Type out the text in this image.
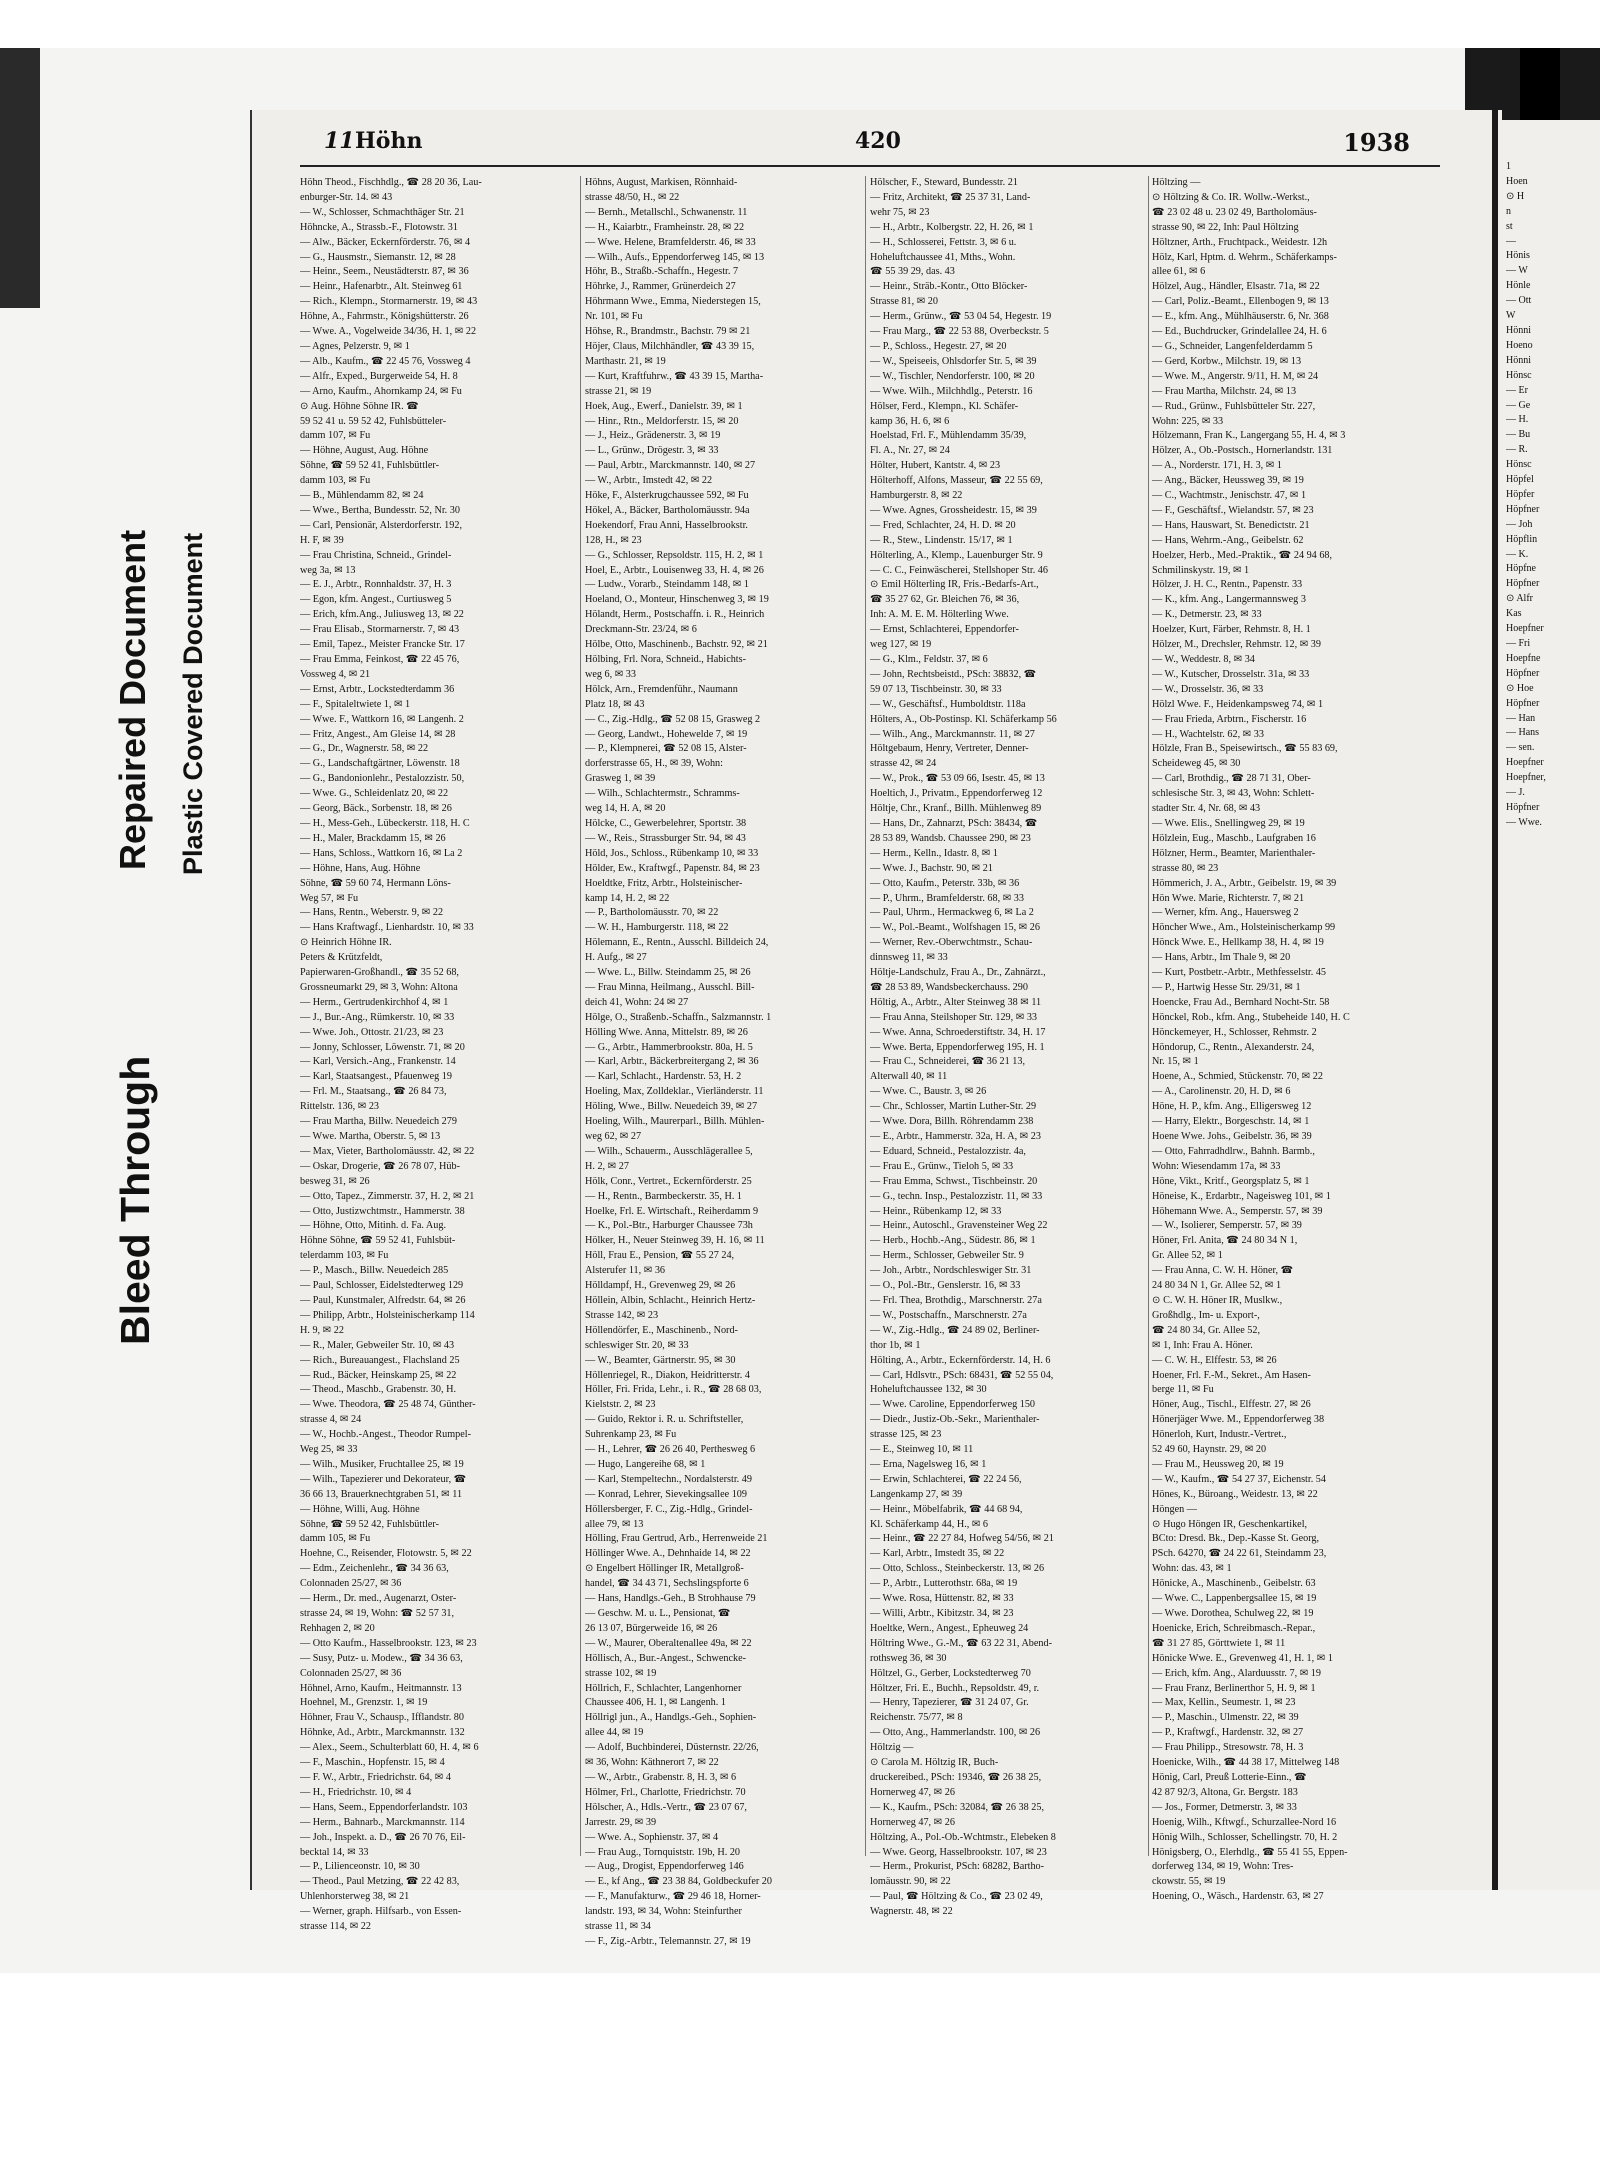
Bleed Through
Repaired Document Plastic Covered Document
1
Hoen
⊙ H
n
st
—
Hönis
— W
Hönle
— Ott
W
Hönni
Hoeno
Hönni
Hönsc
— Er
— Ge
— H.
— Bu
— R.
Hönsc
Höpfel
Höpfer
Höpfner
— Joh
Höpflin
— K.
Höpfne
Höpfner
⊙ Alfr
Kas
Hoepfner
— Fri
Hoepfne
Höpfner
⊙ Hoe
Höpfner
— Han
— Hans
— sen.
Hoepfner
Hoepfner,
— J.
Höpfner
— Wwe.
11 Höhn	420	1938
Höhn Theod., Fischhdlg., ☎ 28 20 36, Lau-
enburger-Str. 14. ✉ 43
— W., Schlosser, Schmachthäger Str. 21
Höhncke, A., Strassb.-F., Flotowstr. 31
— Alw., Bäcker, Eckernförderstr. 76, ✉ 4
— G., Hausmstr., Siemanstr. 12, ✉ 28
— Heinr., Seem., Neustädterstr. 87, ✉ 36
— Heinr., Hafenarbtr., Alt. Steinweg 61
— Rich., Klempn., Stormarnerstr. 19, ✉ 43
Höhne, A., Fahrmstr., Königshütterstr. 26
— Wwe. A., Vogelweide 34/36, H. 1, ✉ 22
— Agnes, Pelzerstr. 9, ✉ 1
— Alb., Kaufm., ☎ 22 45 76, Vossweg 4
— Alfr., Exped., Burgerweide 54, H. 8
— Arno, Kaufm., Ahornkamp 24, ✉ Fu
⊙ Aug. Höhne Söhne IR. ☎
59 52 41 u. 59 52 42, Fuhlsbütteler-
damm 107, ✉ Fu
— Höhne, August, Aug. Höhne
Söhne, ☎ 59 52 41, Fuhlsbüttler-
damm 103, ✉ Fu
— B., Mühlendamm 82, ✉ 24
— Wwe., Bertha, Bundesstr. 52, Nr. 30
— Carl, Pensionär, Alsterdorferstr. 192,
H. F, ✉ 39
— Frau Christina, Schneid., Grindel-
weg 3a, ✉ 13
— E. J., Arbtr., Ronnhaldstr. 37, H. 3
— Egon, kfm. Angest., Curtiusweg 5
— Erich, kfm.Ang., Juliusweg 13, ✉ 22
— Frau Elisab., Stormarnerstr. 7, ✉ 43
— Emil, Tapez., Meister Francke Str. 17
— Frau Emma, Feinkost, ☎ 22 45 76,
Vossweg 4, ✉ 21
— Ernst, Arbtr., Lockstedterdamm 36
— F., Spitaleltwiete 1, ✉ 1
— Wwe. F., Wattkorn 16, ✉ Langenh. 2
— Fritz, Angest., Am Gleise 14, ✉ 28
— G., Dr., Wagnerstr. 58, ✉ 22
— G., Landschaftgärtner, Löwenstr. 18
— G., Bandonionlehr., Pestalozzistr. 50,
— Wwe. G., Schleidenlatz 20, ✉ 22
— Georg, Bäck., Sorbenstr. 18, ✉ 26
— H., Mess-Geh., Lübeckerstr. 118, H. C
— H., Maler, Brackdamm 15, ✉ 26
— Hans, Schloss., Wattkorn 16, ✉ La 2
— Höhne, Hans, Aug. Höhne
Söhne, ☎ 59 60 74, Hermann Löns-
Weg 57, ✉ Fu
— Hans, Rentn., Weberstr. 9, ✉ 22
— Hans Kraftwagf., Lienhardstr. 10, ✉ 33
⊙ Heinrich Höhne IR.
Peters & Krützfeldt,
Papierwaren-Großhandl., ☎ 35 52 68,
Grossneumarkt 29, ✉ 3, Wohn: Altona
— Herm., Gertrudenkirchhof 4, ✉ 1
— J., Bur.-Ang., Rümkerstr. 10, ✉ 33
— Wwe. Joh., Ottostr. 21/23, ✉ 23
— Jonny, Schlosser, Löwenstr. 71, ✉ 20
— Karl, Versich.-Ang., Frankenstr. 14
— Karl, Staatsangest., Pfauenweg 19
— Frl. M., Staatsang., ☎ 26 84 73,
Rittelstr. 136, ✉ 23
— Frau Martha, Billw. Neuedeich 279
— Wwe. Martha, Oberstr. 5, ✉ 13
— Max, Vieter, Bartholomäusstr. 42, ✉ 22
— Oskar, Drogerie, ☎ 26 78 07, Hüb-
besweg 31, ✉ 26
— Otto, Tapez., Zimmerstr. 37, H. 2, ✉ 21
— Otto, Justizwchtmstr., Hammerstr. 38
— Höhne, Otto, Mitinh. d. Fa. Aug.
Höhne Söhne, ☎ 59 52 41, Fuhlsbüt-
telerdamm 103, ✉ Fu
— P., Masch., Billw. Neuedeich 285
— Paul, Schlosser, Eidelstedterweg 129
— Paul, Kunstmaler, Alfredstr. 64, ✉ 26
— Philipp, Arbtr., Holsteinischerkamp 114
H. 9, ✉ 22
— R., Maler, Gebweiler Str. 10, ✉ 43
— Rich., Bureauangest., Flachsland 25
— Rud., Bäcker, Heinskamp 25, ✉ 22
— Theod., Maschb., Grabenstr. 30, H.
— Wwe. Theodora, ☎ 25 48 74, Günther-
strasse 4, ✉ 24
— W., Hochb.-Angest., Theodor Rumpel-
Weg 25, ✉ 33
— Wilh., Musiker, Fruchtallee 25, ✉ 19
— Wilh., Tapezierer und Dekorateur, ☎
36 66 13, Brauerknechtgraben 51, ✉ 11
— Höhne, Willi, Aug. Höhne
Söhne, ☎ 59 52 42, Fuhlsbüttler-
damm 105, ✉ Fu
Hoehne, C., Reisender, Flotowstr. 5, ✉ 22
— Edm., Zeichenlehr., ☎ 34 36 63,
Colonnaden 25/27, ✉ 36
— Herm., Dr. med., Augenarzt, Oster-
strasse 24, ✉ 19, Wohn: ☎ 52 57 31,
Rehhagen 2, ✉ 20
— Otto Kaufm., Hasselbrookstr. 123, ✉ 23
— Susy, Putz- u. Modew., ☎ 34 36 63,
Colonnaden 25/27, ✉ 36
Höhnel, Arno, Kaufm., Heitmannstr. 13
Hoehnel, M., Grenzstr. 1, ✉ 19
Höhner, Frau V., Schausp., Ifflandstr. 80
Höhnke, Ad., Arbtr., Marckmannstr. 132
— Alex., Seem., Schulterblatt 60, H. 4, ✉ 6
— F., Maschin., Hopfenstr. 15, ✉ 4
— F. W., Arbtr., Friedrichstr. 64, ✉ 4
— H., Friedrichstr. 10, ✉ 4
— Hans, Seem., Eppendorferlandstr. 103
— Herm., Bahnarb., Marckmannstr. 114
— Joh., Inspekt. a. D., ☎ 26 70 76, Eil-
becktal 14, ✉ 33
— P., Lilienceonstr. 10, ✉ 30
— Theod., Paul Metzing, ☎ 22 42 83,
Uhlenhorsterweg 38, ✉ 21
— Werner, graph. Hilfsarb., von Essen-
strasse 114, ✉ 22
Höhns, August, Markisen, Rönnhaid-
strasse 48/50, H., ✉ 22
— Bernh., Metallschl., Schwanenstr. 11
— H., Kaiarbtr., Framheinstr. 28, ✉ 22
— Wwe. Helene, Bramfelderstr. 46, ✉ 33
— Wilh., Aufs., Eppendorferweg 145, ✉ 13
Höhr, B., Straßb.-Schaffn., Hegestr. 7
Höhrke, J., Rammer, Grünerdeich 27
Höhrmann Wwe., Emma, Niederstegen 15,
Nr. 101, ✉ Fu
Höhse, R., Brandmstr., Bachstr. 79 ✉ 21
Höjer, Claus, Milchhändler, ☎ 43 39 15,
Marthastr. 21, ✉ 19
— Kurt, Kraftfuhrw., ☎ 43 39 15, Martha-
strasse 21, ✉ 19
Hoek, Aug., Ewerf., Danielstr. 39, ✉ 1
— Hinr., Rtn., Meldorferstr. 15, ✉ 20
— J., Heiz., Grädenerstr. 3, ✉ 19
— L., Grünw., Drögestr. 3, ✉ 33
— Paul, Arbtr., Marckmannstr. 140, ✉ 27
— W., Arbtr., Imstedt 42, ✉ 22
Höke, F., Alsterkrugchaussee 592, ✉ Fu
Hökel, A., Bäcker, Bartholomäusstr. 94a
Hoekendorf, Frau Anni, Hasselbrookstr.
128, H., ✉ 23
— G., Schlosser, Repsoldstr. 115, H. 2, ✉ 1
Hoel, E., Arbtr., Louisenweg 33, H. 4, ✉ 26
— Ludw., Vorarb., Steindamm 148, ✉ 1
Hoeland, O., Monteur, Hinschenweg 3, ✉ 19
Hölandt, Herm., Postschaffn. i. R., Heinrich
Dreckmann-Str. 23/24, ✉ 6
Hölbe, Otto, Maschinenb., Bachstr. 92, ✉ 21
Hölbing, Frl. Nora, Schneid., Habichts-
weg 6, ✉ 33
Hölck, Arn., Fremdenführ., Naumann
Platz 18, ✉ 43
— C., Zig.-Hdlg., ☎ 52 08 15, Grasweg 2
— Georg, Landwt., Hohewelde 7, ✉ 19
— P., Klempnerei, ☎ 52 08 15, Alster-
dorferstrasse 65, H., ✉ 39, Wohn:
Grasweg 1, ✉ 39
— Wilh., Schlachtermstr., Schramms-
weg 14, H. A, ✉ 20
Hölcke, C., Gewerbelehrer, Sportstr. 38
— W., Reis., Strassburger Str. 94, ✉ 43
Höld, Jos., Schloss., Rübenkamp 10, ✉ 33
Hölder, Ew., Kraftwgf., Papenstr. 84, ✉ 23
Hoeldtke, Fritz, Arbtr., Holsteinischer-
kamp 14, H. 2, ✉ 22
— P., Bartholomäusstr. 70, ✉ 22
— W. H., Hamburgerstr. 118, ✉ 22
Hölemann, E., Rentn., Ausschl. Billdeich 24,
H. Aufg., ✉ 27
— Wwe. L., Billw. Steindamm 25, ✉ 26
— Frau Minna, Heilmang., Ausschl. Bill-
deich 41, Wohn: 24 ✉ 27
Hölge, O., Straßenb.-Schaffn., Salzmannstr. 1
Hölling Wwe. Anna, Mittelstr. 89, ✉ 26
— G., Arbtr., Hammerbrookstr. 80a, H. 5
— Karl, Arbtr., Bäckerbreitergang 2, ✉ 36
— Karl, Schlacht., Hardenstr. 53, H. 2
Hoeling, Max, Zolldeklar., Vierländerstr. 11
Höling, Wwe., Billw. Neuedeich 39, ✉ 27
Hoeling, Wilh., Maurerparl., Billh. Mühlen-
weg 62, ✉ 27
— Wilh., Schauerm., Ausschlägerallee 5,
H. 2, ✉ 27
Hölk, Conr., Vertret., Eckernförderstr. 25
— H., Rentn., Barmbeckerstr. 35, H. 1
Hoelke, Frl. E. Wirtschaft., Reiherdamm 9
— K., Pol.-Btr., Harburger Chaussee 73h
Hölker, H., Neuer Steinweg 39, H. 16, ✉ 11
Höll, Frau E., Pension, ☎ 55 27 24,
Alsterufer 11, ✉ 36
Hölldampf, H., Grevenweg 29, ✉ 26
Höllein, Albin, Schlacht., Heinrich Hertz-
Strasse 142, ✉ 23
Höllendörfer, E., Maschinenb., Nord-
schleswiger Str. 20, ✉ 33
— W., Beamter, Gärtnerstr. 95, ✉ 30
Höllenriegel, R., Diakon, Heidritterstr. 4
Höller, Fri. Frida, Lehr., i. R., ☎ 28 68 03,
Kielststr. 2, ✉ 23
— Guido, Rektor i. R. u. Schriftsteller,
Suhrenkamp 23, ✉ Fu
— H., Lehrer, ☎ 26 26 40, Perthesweg 6
— Hugo, Langereihe 68, ✉ 1
— Karl, Stempeltechn., Nordalsterstr. 49
— Konrad, Lehrer, Sievekingsallee 109
Höllersberger, F. C., Zig.-Hdlg., Grindel-
allee 79, ✉ 13
Hölling, Frau Gertrud, Arb., Herrenweide 21
Höllinger Wwe. A., Dehnhaide 14, ✉ 22
⊙ Engelbert Höllinger IR, Metallgroß-
handel, ☎ 34 43 71, Sechslingspforte 6
— Hans, Handlgs.-Geh., B Strohhause 79
— Geschw. M. u. L., Pensionat, ☎
26 13 07, Bürgerweide 16, ✉ 26
— W., Maurer, Oberaltenallee 49a, ✉ 22
Höllisch, A., Bur.-Angest., Schwencke-
strasse 102, ✉ 19
Höllrich, F., Schlachter, Langenhorner
Chaussee 406, H. 1, ✉ Langenh. 1
Höllrigl jun., A., Handlgs.-Geh., Sophien-
allee 44, ✉ 19
— Adolf, Buchbinderei, Düsternstr. 22/26,
✉ 36, Wohn: Käthnerort 7, ✉ 22
— W., Arbtr., Grabenstr. 8, H. 3, ✉ 6
Hölmer, Frl., Charlotte, Friedrichstr. 70
Hölscher, A., Hdls.-Vertr., ☎ 23 07 67,
Jarrestr. 29, ✉ 39
— Wwe. A., Sophienstr. 37, ✉ 4
— Frau Aug., Tornquiststr. 19b, H. 20
— Aug., Drogist, Eppendorferweg 146
— E., kf Ang., ☎ 23 38 84, Goldbeckufer 20
— F., Manufakturw., ☎ 29 46 18, Horner-
landstr. 193, ✉ 34, Wohn: Steinfurther
strasse 11, ✉ 34
— F., Zig.-Arbtr., Telemannstr. 27, ✉ 19
Hölscher, F., Steward, Bundesstr. 21
— Fritz, Architekt, ☎ 25 37 31, Land-
wehr 75, ✉ 23
— H., Arbtr., Kolbergstr. 22, H. 26, ✉ 1
— H., Schlosserei, Fettstr. 3, ✉ 6 u.
Hoheluftchaussee 41, Mths., Wohn.
☎ 55 39 29, das. 43
— Heinr., Sträb.-Kontr., Otto Blöcker-
Strasse 81, ✉ 20
— Herm., Grünw., ☎ 53 04 54, Hegestr. 19
— Frau Marg., ☎ 22 53 88, Overbeckstr. 5
— P., Schloss., Hegestr. 27, ✉ 20
— W., Speiseeis, Ohlsdorfer Str. 5, ✉ 39
— W., Tischler, Nendorferstr. 100, ✉ 20
— Wwe. Wilh., Milchhdlg., Peterstr. 16
Hölser, Ferd., Klempn., Kl. Schäfer-
kamp 36, H. 6, ✉ 6
Hoelstad, Frl. F., Mühlendamm 35/39,
Fl. A., Nr. 27, ✉ 24
Hölter, Hubert, Kantstr. 4, ✉ 23
Hölterhoff, Alfons, Masseur, ☎ 22 55 69,
Hamburgerstr. 8, ✉ 22
— Wwe. Agnes, Grossheidestr. 15, ✉ 39
— Fred, Schlachter, 24, H. D. ✉ 20
— R., Stew., Lindenstr. 15/17, ✉ 1
Hölterling, A., Klemp., Lauenburger Str. 9
— C. C., Feinwäscherei, Stellshoper Str. 46
⊙ Emil Hölterling IR, Fris.-Bedarfs-Art.,
☎ 35 27 62, Gr. Bleichen 76, ✉ 36,
Inh: A. M. E. M. Hölterling Wwe.
— Ernst, Schlachterei, Eppendorfer-
weg 127, ✉ 19
— G., Klm., Feldstr. 37, ✉ 6
— John, Rechtsbeistd., PSch: 38832, ☎
59 07 13, Tischbeinstr. 30, ✉ 33
— W., Geschäftsf., Humboldtstr. 118a
Hölters, A., Ob-Postinsp. Kl. Schäferkamp 56
— Wilh., Ang., Marckmannstr. 11, ✉ 27
Höltgebaum, Henry, Vertreter, Denner-
strasse 42, ✉ 24
— W., Prok., ☎ 53 09 66, Isestr. 45, ✉ 13
Hoeltich, J., Privatm., Eppendorferweg 12
Höltje, Chr., Kranf., Billh. Mühlenweg 89
— Hans, Dr., Zahnarzt, PSch: 38434, ☎
28 53 89, Wandsb. Chaussee 290, ✉ 23
— Herm., Kelln., Idastr. 8, ✉ 1
— Wwe. J., Bachstr. 90, ✉ 21
— Otto, Kaufm., Peterstr. 33b, ✉ 36
— P., Uhrm., Bramfelderstr. 68, ✉ 33
— Paul, Uhrm., Hermackweg 6, ✉ La 2
— W., Pol.-Beamt., Wolfshagen 15, ✉ 26
— Werner, Rev.-Oberwchtmstr., Schau-
dinnsweg 11, ✉ 33
Höltje-Landschulz, Frau A., Dr., Zahnärzt.,
☎ 28 53 89, Wandsbeckerchauss. 290
Höltig, A., Arbtr., Alter Steinweg 38 ✉ 11
— Frau Anna, Steilshoper Str. 129, ✉ 33
— Wwe. Anna, Schroederstiftstr. 34, H. 17
— Wwe. Berta, Eppendorferweg 195, H. 1
— Frau C., Schneiderei, ☎ 36 21 13,
Alterwall 40, ✉ 11
— Wwe. C., Baustr. 3, ✉ 26
— Chr., Schlosser, Martin Luther-Str. 29
— Wwe. Dora, Billh. Röhrendamm 238
— E., Arbtr., Hammerstr. 32a, H. A, ✉ 23
— Eduard, Schneid., Pestalozzistr. 4a,
— Frau E., Grünw., Tieloh 5, ✉ 33
— Frau Emma, Schwst., Tischbeinstr. 20
— G., techn. Insp., Pestalozzistr. 11, ✉ 33
— Heinr., Rübenkamp 12, ✉ 33
— Heinr., Autoschl., Gravensteiner Weg 22
— Herb., Hochb.-Ang., Südestr. 86, ✉ 1
— Herm., Schlosser, Gebweiler Str. 9
— Joh., Arbtr., Nordschleswiger Str. 31
— O., Pol.-Btr., Genslerstr. 16, ✉ 33
— Frl. Thea, Brothdig., Marschnerstr. 27a
— W., Postschaffn., Marschnerstr. 27a
— W., Zig.-Hdlg., ☎ 24 89 02, Berliner-
thor 1b, ✉ 1
Hölting, A., Arbtr., Eckernförderstr. 14, H. 6
— Carl, Hdlsvtr., PSch: 68431, ☎ 52 55 04,
Hoheluftchaussee 132, ✉ 30
— Wwe. Caroline, Eppendorferweg 150
— Diedr., Justiz-Ob.-Sekr., Marienthaler-
strasse 125, ✉ 23
— E., Steinweg 10, ✉ 11
— Erna, Nagelsweg 16, ✉ 1
— Erwin, Schlachterei, ☎ 22 24 56,
Langenkamp 27, ✉ 39
— Heinr., Möbelfabrik, ☎ 44 68 94,
Kl. Schäferkamp 44, H., ✉ 6
— Heinr., ☎ 22 27 84, Hofweg 54/56, ✉ 21
— Karl, Arbtr., Imstedt 35, ✉ 22
— Otto, Schloss., Steinbeckerstr. 13, ✉ 26
— P., Arbtr., Lutterothstr. 68a, ✉ 19
— Wwe. Rosa, Hüttenstr. 82, ✉ 33
— Willi, Arbtr., Kibitzstr. 34, ✉ 23
Hoeltke, Wern., Angest., Epheuweg 24
Höltring Wwe., G.-M., ☎ 63 22 31, Abend-
rothsweg 36, ✉ 30
Höltzel, G., Gerber, Lockstedterweg 70
Höltzer, Fri. E., Buchh., Repsoldstr. 49, r.
— Henry, Tapezierer, ☎ 31 24 07, Gr.
Reichenstr. 75/77, ✉ 8
— Otto, Ang., Hammerlandstr. 100, ✉ 26
Höltzig —
⊙ Carola M. Höltzig IR, Buch-
druckereibed., PSch: 19346, ☎ 26 38 25,
Hornerweg 47, ✉ 26
— K., Kaufm., PSch: 32084, ☎ 26 38 25,
Hornerweg 47, ✉ 26
Höltzing, A., Pol.-Ob.-Wchtmstr., Elebeken 8
— Wwe. Georg, Hasselbrookstr. 107, ✉ 23
— Herm., Prokurist, PSch: 68282, Bartho-
lomäusstr. 90, ✉ 22
— Paul, ☎ Höltzing & Co., ☎ 23 02 49,
Wagnerstr. 48, ✉ 22
Höltzing —
⊙ Höltzing & Co. IR. Wollw.-Werkst.,
☎ 23 02 48 u. 23 02 49, Bartholomäus-
strasse 90, ✉ 22, Inh: Paul Höltzing
Höltzner, Arth., Fruchtpack., Weidestr. 12h
Hölz, Karl, Hptm. d. Wehrm., Schäferkamps-
allee 61, ✉ 6
Hölzel, Aug., Händler, Elsastr. 71a, ✉ 22
— Carl, Poliz.-Beamt., Ellenbogen 9, ✉ 13
— E., kfm. Ang., Mühlhäuserstr. 6, Nr. 368
— Ed., Buchdrucker, Grindelallee 24, H. 6
— G., Schneider, Langenfelderdamm 5
— Gerd, Korbw., Milchstr. 19, ✉ 13
— Wwe. M., Angerstr. 9/11, H. M, ✉ 24
— Frau Martha, Milchstr. 24, ✉ 13
— Rud., Grünw., Fuhlsbütteler Str. 227,
Wohn: 225, ✉ 33
Hölzemann, Fran K., Langergang 55, H. 4, ✉ 3
Hölzer, A., Ob.-Postsch., Hornerlandstr. 131
— A., Norderstr. 171, H. 3, ✉ 1
— Ang., Bäcker, Heussweg 39, ✉ 19
— C., Wachtmstr., Jenischstr. 47, ✉ 1
— F., Geschäftsf., Wielandstr. 57, ✉ 23
— Hans, Hauswart, St. Benedictstr. 21
— Hans, Wehrm.-Ang., Geibelstr. 62
Hoelzer, Herb., Med.-Praktik., ☎ 24 94 68,
Schmilinskystr. 19, ✉ 1
Hölzer, J. H. C., Rentn., Papenstr. 33
— K., kfm. Ang., Langermannsweg 3
— K., Detmerstr. 23, ✉ 33
Hoelzer, Kurt, Färber, Rehmstr. 8, H. 1
Hölzer, M., Drechsler, Rehmstr. 12, ✉ 39
— W., Weddestr. 8, ✉ 34
— W., Kutscher, Drosselstr. 31a, ✉ 33
— W., Drosselstr. 36, ✉ 33
Hölzl Wwe. F., Heidenkampsweg 74, ✉ 1
— Frau Frieda, Arbtrn., Fischerstr. 16
— H., Wachtelstr. 62, ✉ 33
Hölzle, Fran B., Speisewirtsch., ☎ 55 83 69,
Scheideweg 45, ✉ 30
— Carl, Brothdig., ☎ 28 71 31, Ober-
schlesische Str. 3, ✉ 43, Wohn: Schlett-
stadter Str. 4, Nr. 68, ✉ 43
— Wwe. Elis., Snellingweg 29, ✉ 19
Hölzlein, Eug., Maschb., Laufgraben 16
Hölzner, Herm., Beamter, Marienthaler-
strasse 80, ✉ 23
Hömmerich, J. A., Arbtr., Geibelstr. 19, ✉ 39
Hön Wwe. Marie, Richterstr. 7, ✉ 21
— Werner, kfm. Ang., Hauersweg 2
Höncher Wwe., Am., Holsteinischerkamp 99
Hönck Wwe. E., Hellkamp 38, H. 4, ✉ 19
— Hans, Arbtr., Im Thale 9, ✉ 20
— Kurt, Postbetr.-Arbtr., Methfesselstr. 45
— P., Hartwig Hesse Str. 29/31, ✉ 1
Hoencke, Frau Ad., Bernhard Nocht-Str. 58
Hönckel, Rob., kfm. Ang., Stubeheide 140, H. C
Hönckemeyer, H., Schlosser, Rehmstr. 2
Höndorup, C., Rentn., Alexanderstr. 24,
Nr. 15, ✉ 1
Hoene, A., Schmied, Stückenstr. 70, ✉ 22
— A., Carolinenstr. 20, H. D, ✉ 6
Höne, H. P., kfm. Ang., Elligersweg 12
— Harry, Elektr., Borgeschstr. 14, ✉ 1
Hoene Wwe. Johs., Geibelstr. 36, ✉ 39
— Otto, Fahrradhdlrw., Bahnh. Barmb.,
Wohn: Wiesendamm 17a, ✉ 33
Höne, Vikt., Kritf., Georgsplatz 5, ✉ 1
Höneise, K., Erdarbtr., Nageisweg 101, ✉ 1
Höhemann Wwe. A., Semperstr. 57, ✉ 39
— W., Isolierer, Semperstr. 57, ✉ 39
Höner, Frl. Anita, ☎ 24 80 34 N 1,
Gr. Allee 52, ✉ 1
— Frau Anna, C. W. H. Höner, ☎
24 80 34 N 1, Gr. Allee 52, ✉ 1
⊙ C. W. H. Höner IR, Muslkw.,
Großhdlg., Im- u. Export-,
☎ 24 80 34, Gr. Allee 52,
✉ 1, Inh: Frau A. Höner.
— C. W. H., Elffestr. 53, ✉ 26
Hoener, Frl. F.-M., Sekret., Am Hasen-
berge 11, ✉ Fu
Höner, Aug., Tischl., Elffestr. 27, ✉ 26
Hönerjäger Wwe. M., Eppendorferweg 38
Hönerloh, Kurt, Industr.-Vertret.,
52 49 60, Haynstr. 29, ✉ 20
— Frau M., Heussweg 20, ✉ 19
— W., Kaufm., ☎ 54 27 37, Eichenstr. 54
Hönes, K., Büroang., Weidestr. 13, ✉ 22
Höngen —
⊙ Hugo Höngen IR, Geschenkartikel,
BCto: Dresd. Bk., Dep.-Kasse St. Georg,
PSch. 64270, ☎ 24 22 61, Steindamm 23,
Wohn: das. 43, ✉ 1
Hönicke, A., Maschinenb., Geibelstr. 63
— Wwe. C., Lappenbergsallee 15, ✉ 19
— Wwe. Dorothea, Schulweg 22, ✉ 19
Hoenicke, Erich, Schreibmasch.-Repar.,
☎ 31 27 85, Görttwiete 1, ✉ 11
Hönicke Wwe. E., Grevenweg 41, H. 1, ✉ 1
— Erich, kfm. Ang., Alarduusstr. 7, ✉ 19
— Frau Franz, Berlinerthor 5, H. 9, ✉ 1
— Max, Kellin., Seumestr. 1, ✉ 23
— P., Maschin., Ulmenstr. 22, ✉ 39
— P., Kraftwgf., Hardenstr. 32, ✉ 27
— Frau Philipp., Stresowstr. 78, H. 3
Hoenicke, Wilh., ☎ 44 38 17, Mittelweg 148
Hönig, Carl, Preuß Lotterie-Einn., ☎
42 87 92/3, Altona, Gr. Bergstr. 183
— Jos., Former, Detmerstr. 3, ✉ 33
Hoenig, Wilh., Kftwgf., Schurzallee-Nord 16
Hönig Wilh., Schlosser, Schellingstr. 70, H. 2
Hönigsberg, O., Elerhdlg., ☎ 55 41 55, Eppen-
dorferweg 134, ✉ 19, Wohn: Tres-
ckowstr. 55, ✉ 19
Hoening, O., Wäsch., Hardenstr. 63, ✉ 27
